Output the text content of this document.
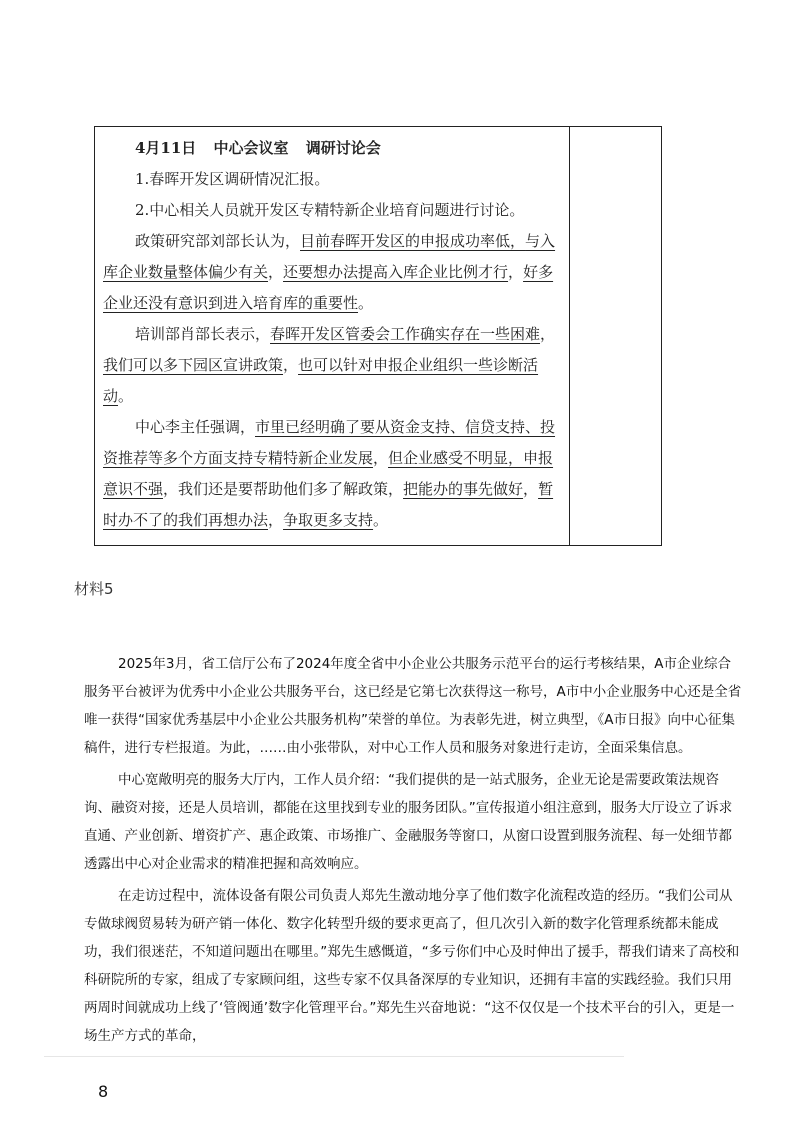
4月11日 中心会议室 调研讨论会

1.春晖开发区调研情况汇报。

2.中心相关人员就开发区专精特新企业培育问题进行讨论。

政策研究部刘部长认为，目前春晖开发区的申报成功率低，与入库企业数量整体偏少有关，还要想办法提高入库企业比例才行，好多企业还没有意识到进入培育库的重要性。

培训部肖部长表示，春晖开发区管委会工作确实存在一些困难，我们可以多下园区宣讲政策，也可以针对申报企业组织一些诊断活动。

中心李主任强调，市里已经明确了要从资金支持、信贷支持、投资推荐等多个方面支持专精特新企业发展，但企业感受不明显，申报意识不强，我们还是要帮助他们多了解政策，把能办的事先做好，暂时办不了的我们再想办法，争取更多支持。

材料5

2025年3月，省工信厅公布了2024年度全省中小企业公共服务示范平台的运行考核结果，A市企业综合服务平台被评为优秀中小企业公共服务平台，这已经是它第七次获得这一称号，A市中小企业服务中心还是全省唯一获得“国家优秀基层中小企业公共服务机构”荣誉的单位。为表彰先进，树立典型，《A市日报》向中心征集稿件，进行专栏报道。为此，……由小张带队，对中心工作人员和服务对象进行走访，全面采集信息。

中心宽敞明亮的服务大厅内，工作人员介绍：“我们提供的是一站式服务，企业无论是需要政策法规咨询、融资对接，还是人员培训，都能在这里找到专业的服务团队。”宣传报道小组注意到，服务大厅设立了诉求直通、产业创新、增资扩产、惠企政策、市场推广、金融服务等窗口，从窗口设置到服务流程、每一处细节都透露出中心对企业需求的精准把握和高效响应。

在走访过程中，流体设备有限公司负责人郑先生激动地分享了他们数字化流程改造的经历。“我们公司从专做球阀贸易转为研产销一体化、数字化转型升级的要求更高了，但几次引入新的数字化管理系统都未能成功，我们很迷茫，不知道问题出在哪里。”郑先生感慨道，“多亏你们中心及时伸出了援手，帮我们请来了高校和科研院所的专家，组成了专家顾问组，这些专家不仅具备深厚的专业知识，还拥有丰富的实践经验。我们只用两周时间就成功上线了‘管阀通’数字化管理平台。”郑先生兴奋地说：“这不仅仅是一个技术平台的引入，更是一场生产方式的革命，

8
